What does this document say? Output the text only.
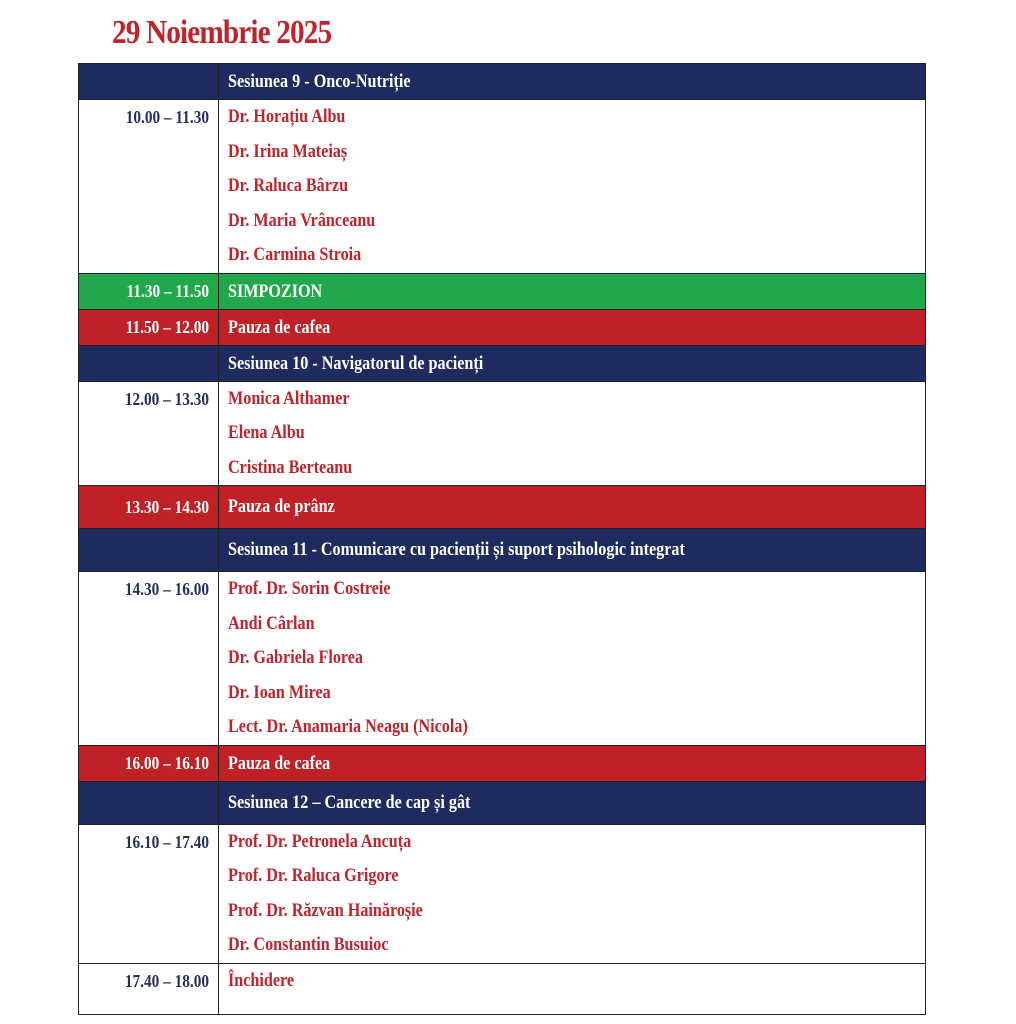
29 Noiembrie 2025
	Sesiunea 9 - Onco-Nutriție

10.00 – 11.30	Dr. Horațiu Albu
Dr. Irina Mateiaș
Dr. Raluca Bârzu
Dr. Maria Vrânceanu
Dr. Carmina Stroia

11.30 – 11.50	SIMPOZION
11.50 – 12.00	Pauza de cafea
	Sesiunea 10 - Navigatorul de pacienți

12.00 – 13.30	Monica Althamer
Elena Albu
Cristina Berteanu

13.30 – 14.30	Pauza de prânz
	Sesiunea 11 - Comunicare cu pacienții și suport psihologic integrat

14.30 – 16.00	Prof. Dr. Sorin Costreie
Andi Cârlan
Dr. Gabriela Florea
Dr. Ioan Mirea
Lect. Dr. Anamaria Neagu (Nicola)

16.00 – 16.10	Pauza de cafea
	Sesiunea 12 – Cancere de cap și gât

16.10 – 17.40	Prof. Dr. Petronela Ancuța
Prof. Dr. Raluca Grigore
Prof. Dr. Răzvan Hainăroșie
Dr. Constantin Busuioc

17.40 – 18.00	Închidere
